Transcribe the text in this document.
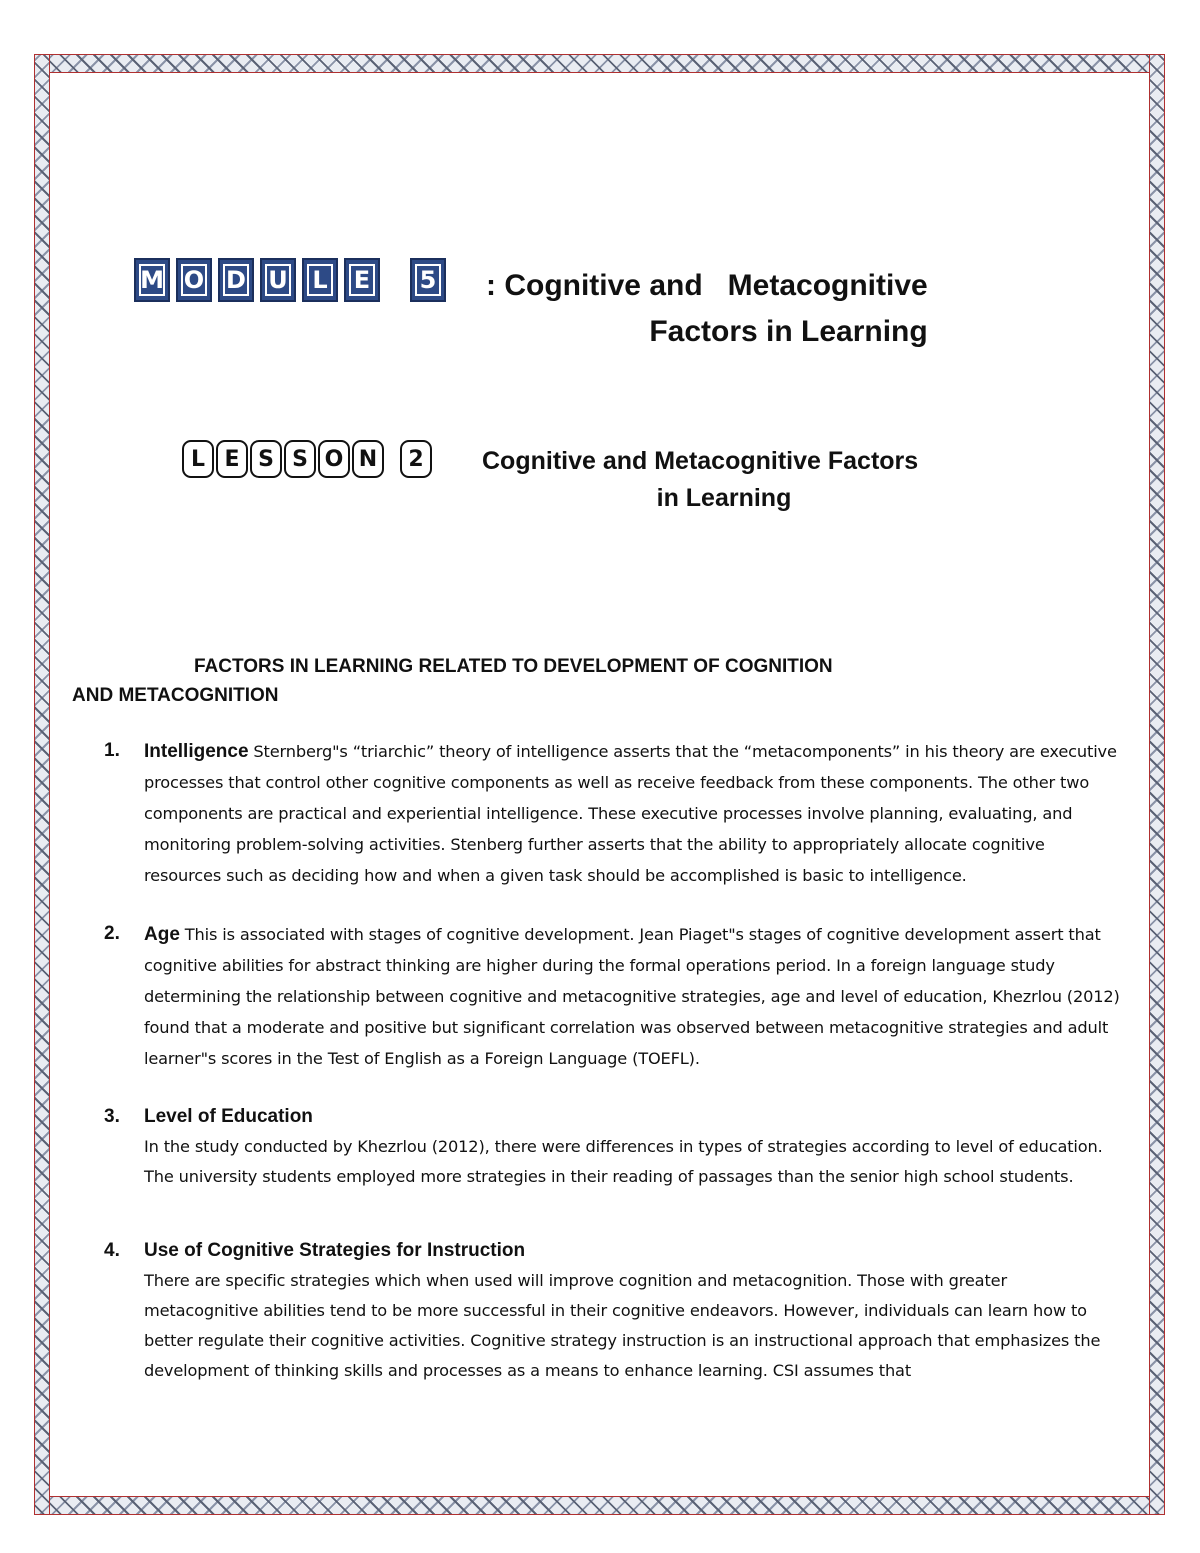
M O D U L E 5 : Cognitive and   Metacognitive
Factors in Learning
L E S S O N	2	Cognitive and Metacognitive Factors
in Learning
FACTORS IN LEARNING RELATED TO DEVELOPMENT OF COGNITION
AND METACOGNITION
1. Intelligence Sternberg"s “triarchic” theory of intelligence asserts that the “metacomponents” in his theory are executive processes that control other cognitive components as well as receive feedback from these components. The other two components are practical and experiential intelligence. These executive processes involve planning, evaluating, and monitoring problem-solving activities. Stenberg further asserts that the ability to appropriately allocate cognitive resources such as deciding how and when a given task should be accomplished is basic to intelligence.
2. Age This is associated with stages of cognitive development. Jean Piaget"s stages of cognitive development assert that cognitive abilities for abstract thinking are higher during the formal operations period. In a foreign language study determining the relationship between cognitive and metacognitive strategies, age and level of education, Khezrlou (2012) found that a moderate and positive but significant correlation was observed between metacognitive strategies and adult learner"s scores in the Test of English as a Foreign Language (TOEFL).
3. Level of Education
In the study conducted by Khezrlou (2012), there were differences in types of strategies according to level of education. The university students employed more strategies in their reading of passages than the senior high school students.
4. Use of Cognitive Strategies for Instruction
There are specific strategies which when used will improve cognition and metacognition. Those with greater metacognitive abilities tend to be more successful in their cognitive endeavors. However, individuals can learn how to better regulate their cognitive activities. Cognitive strategy instruction is an instructional approach that emphasizes the development of thinking skills and processes as a means to enhance learning. CSI assumes that
